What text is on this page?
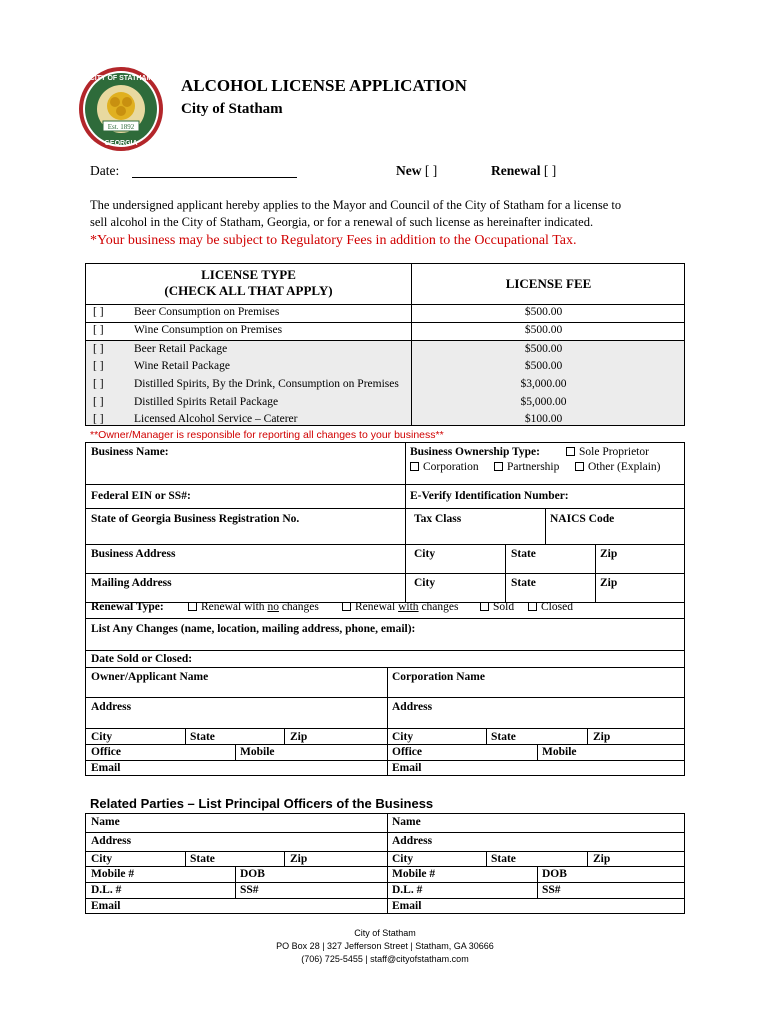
Est. 1892
CITY OF STATHAM
GEORGIA
ALCOHOL LICENSE APPLICATION
City of Statham
Date:	New [ ]	Renewal [ ]
The undersigned applicant hereby applies to the Mayor and Council of the City of Statham for a license to
sell alcohol in the City of Statham, Georgia, or for a renewal of such license as hereinafter indicated.
*Your business may be subject to Regulatory Fees in addition to the Occupational Tax.
LICENSE TYPE
(CHECK ALL THAT APPLY)	LICENSE FEE
[ ]	Beer Consumption on Premises	$500.00
[ ]	Wine Consumption on Premises	$500.00
[ ]	Beer Retail Package	$500.00
[ ]	Wine Retail Package	$500.00
[ ]	Distilled Spirits, By the Drink, Consumption on Premises	$3,000.00
[ ]	Distilled Spirits Retail Package	$5,000.00
[ ]	Licensed Alcohol Service – Caterer	$100.00
**Owner/Manager is responsible for reporting all changes to your business**
Business Name:	Business Ownership Type:	Sole Proprietor
Corporation	Partnership	Other (Explain)
Federal EIN or SS#:	E-Verify Identification Number:
State of Georgia Business Registration No.	Tax Class	NAICS Code
Business Address	City	State	Zip
Mailing Address	City	State	Zip
Renewal Type:	Renewal with no changes	Renewal with changes	Sold	Closed
List Any Changes (name, location, mailing address, phone, email):
Date Sold or Closed:
Owner/Applicant Name	Corporation Name
Address	Address
City	State	Zip	City	State	Zip
Office	Mobile	Office	Mobile
Email	Email
Related Parties – List Principal Officers of the Business
Name	Name
Address	Address
City	State	Zip	City	State	Zip
Mobile #	DOB	Mobile #	DOB
D.L. #	SS#	D.L. #	SS#
Email	Email
City of Statham
PO Box 28 | 327 Jefferson Street | Statham, GA 30666
(706) 725-5455 | staff@cityofstatham.com
